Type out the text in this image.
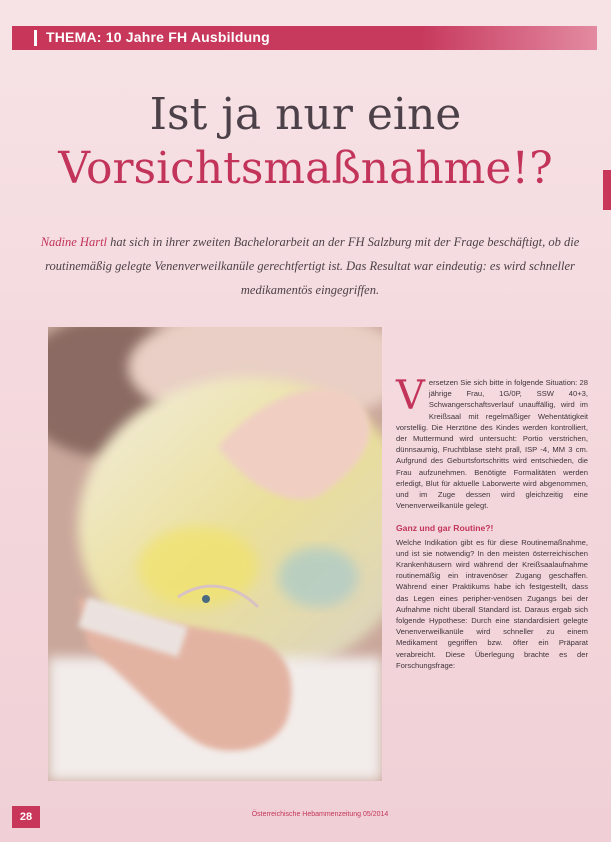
THEMA: 10 Jahre FH Ausbildung
Ist ja nur eine
Vorsichtsmaßnahme!?
Nadine Hartl hat sich in ihrer zweiten Bachelorarbeit an der FH Salzburg mit der Frage beschäftigt, ob die routinemäßig gelegte Venenverweilkanüle gerechtfertigt ist. Das Resultat war eindeutig: es wird schneller medikamentös eingegriffen.
V ersetzen Sie sich bitte in folgende Situation: 28 jährige Frau, 1G/0P, SSW 40+3, Schwangerschaftsverlauf unauffällig, wird im Kreißsaal mit regelmäßiger Wehentätigkeit vorstellig. Die Herztöne des Kindes werden kontrolliert, der Muttermund wird untersucht: Portio verstrichen, dünnsaumig, Fruchtblase steht prall, ISP -4, MM 3 cm. Aufgrund des Geburtsfortschritts wird entschieden, die Frau aufzunehmen. Benötigte Formalitäten werden erledigt, Blut für aktuelle Laborwerte wird abgenommen, und im Zuge dessen wird gleichzeitig eine Venenverweilkanüle gelegt.

Ganz und gar Routine?!

Welche Indikation gibt es für diese Routinemaßnahme, und ist sie notwendig? In den meisten österreichischen Krankenhäusern wird während der Kreißsaalaufnahme routinemäßig ein intravenöser Zugang geschaffen. Während einer Praktikums habe ich festgestellt, dass das Legen eines peripher-venösen Zugangs bei der Aufnahme nicht überall Standard ist. Daraus ergab sich folgende Hypothese: Durch eine standardisiert gelegte Venenverweilkanüle wird schneller zu einem Medikament gegriffen bzw. öfter ein Präparat verabreicht. Diese Überlegung brachte es der Forschungsfrage:

28	Österreichische Hebammenzeitung 05/2014
